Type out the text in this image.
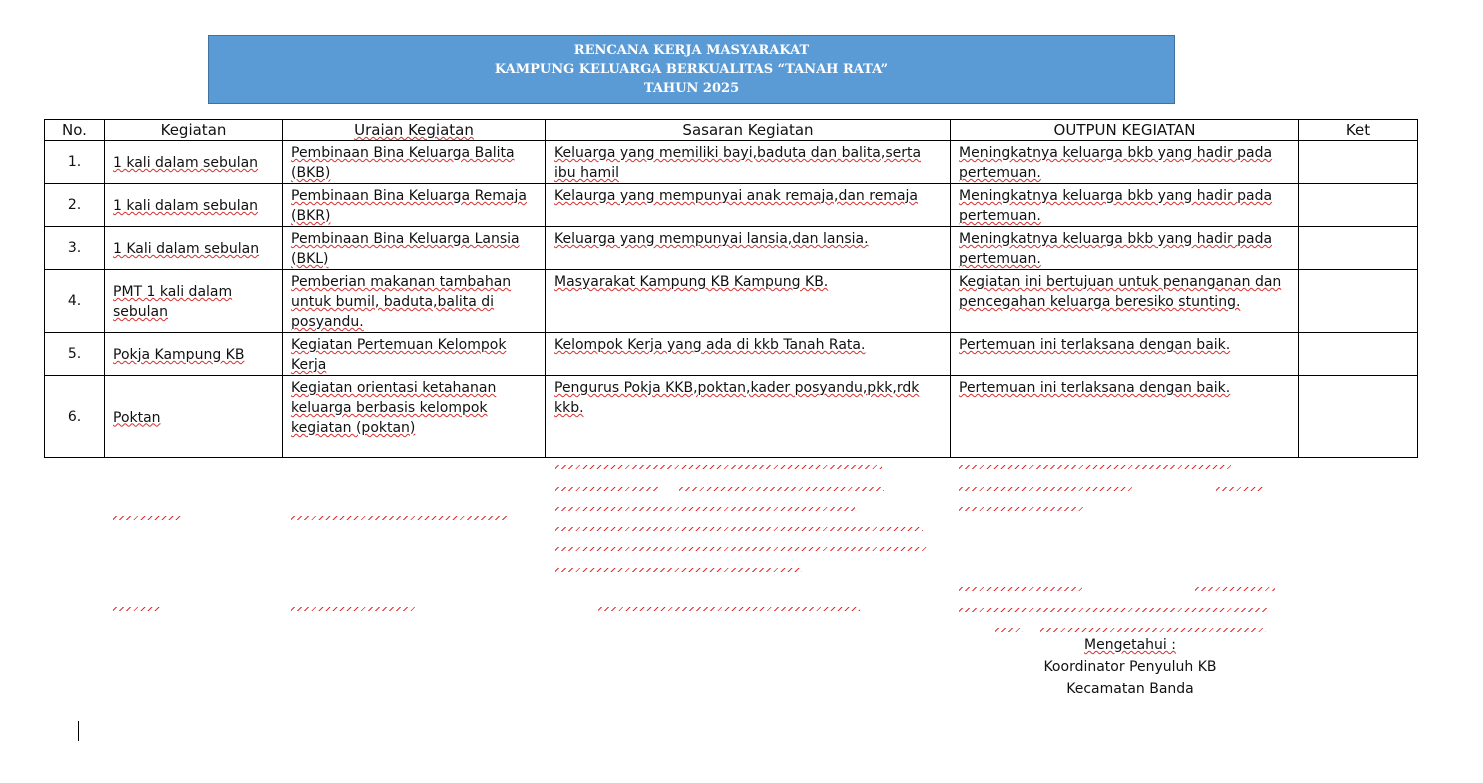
RENCANA KERJA MASYARAKAT
KAMPUNG KELUARGA BERKUALITAS “TANAH RATA”
TAHUN 2025
No.	Kegiatan	Uraian Kegiatan	Sasaran Kegiatan	OUTPUN KEGIATAN	Ket
1.	1 kali dalam sebulan	Pembinaan Bina Keluarga Balita (BKB)	Keluarga yang memiliki bayi,baduta dan balita,serta ibu hamil	Meningkatnya keluarga bkb yang hadir pada pertemuan.	
2.	1 kali dalam sebulan	Pembinaan Bina Keluarga Remaja (BKR)	Kelaurga yang mempunyai anak remaja,dan remaja	Meningkatnya keluarga bkb yang hadir pada pertemuan.	
3.	1 Kali dalam sebulan	Pembinaan Bina Keluarga Lansia (BKL)	Keluarga yang mempunyai lansia,dan lansia.	Meningkatnya keluarga bkb yang hadir pada pertemuan.	
4.	PMT 1 kali dalam sebulan	Pemberian makanan tambahan untuk bumil, baduta,balita di posyandu.	Masyarakat Kampung KB Kampung KB.	Kegiatan ini bertujuan untuk penanganan dan pencegahan keluarga beresiko stunting.	
5.	Pokja Kampung KB	Kegiatan Pertemuan Kelompok Kerja	Kelompok Kerja yang ada di kkb Tanah Rata.	Pertemuan ini terlaksana dengan baik.	
6.	Poktan	Kegiatan orientasi ketahanan keluarga berbasis kelompok kegiatan (poktan)	Pengurus Pokja KKB,poktan,kader posyandu,pkk,rdk kkb.	Pertemuan ini terlaksana dengan baik.	
Mengetahui :
Koordinator Penyuluh KB
Kecamatan Banda
